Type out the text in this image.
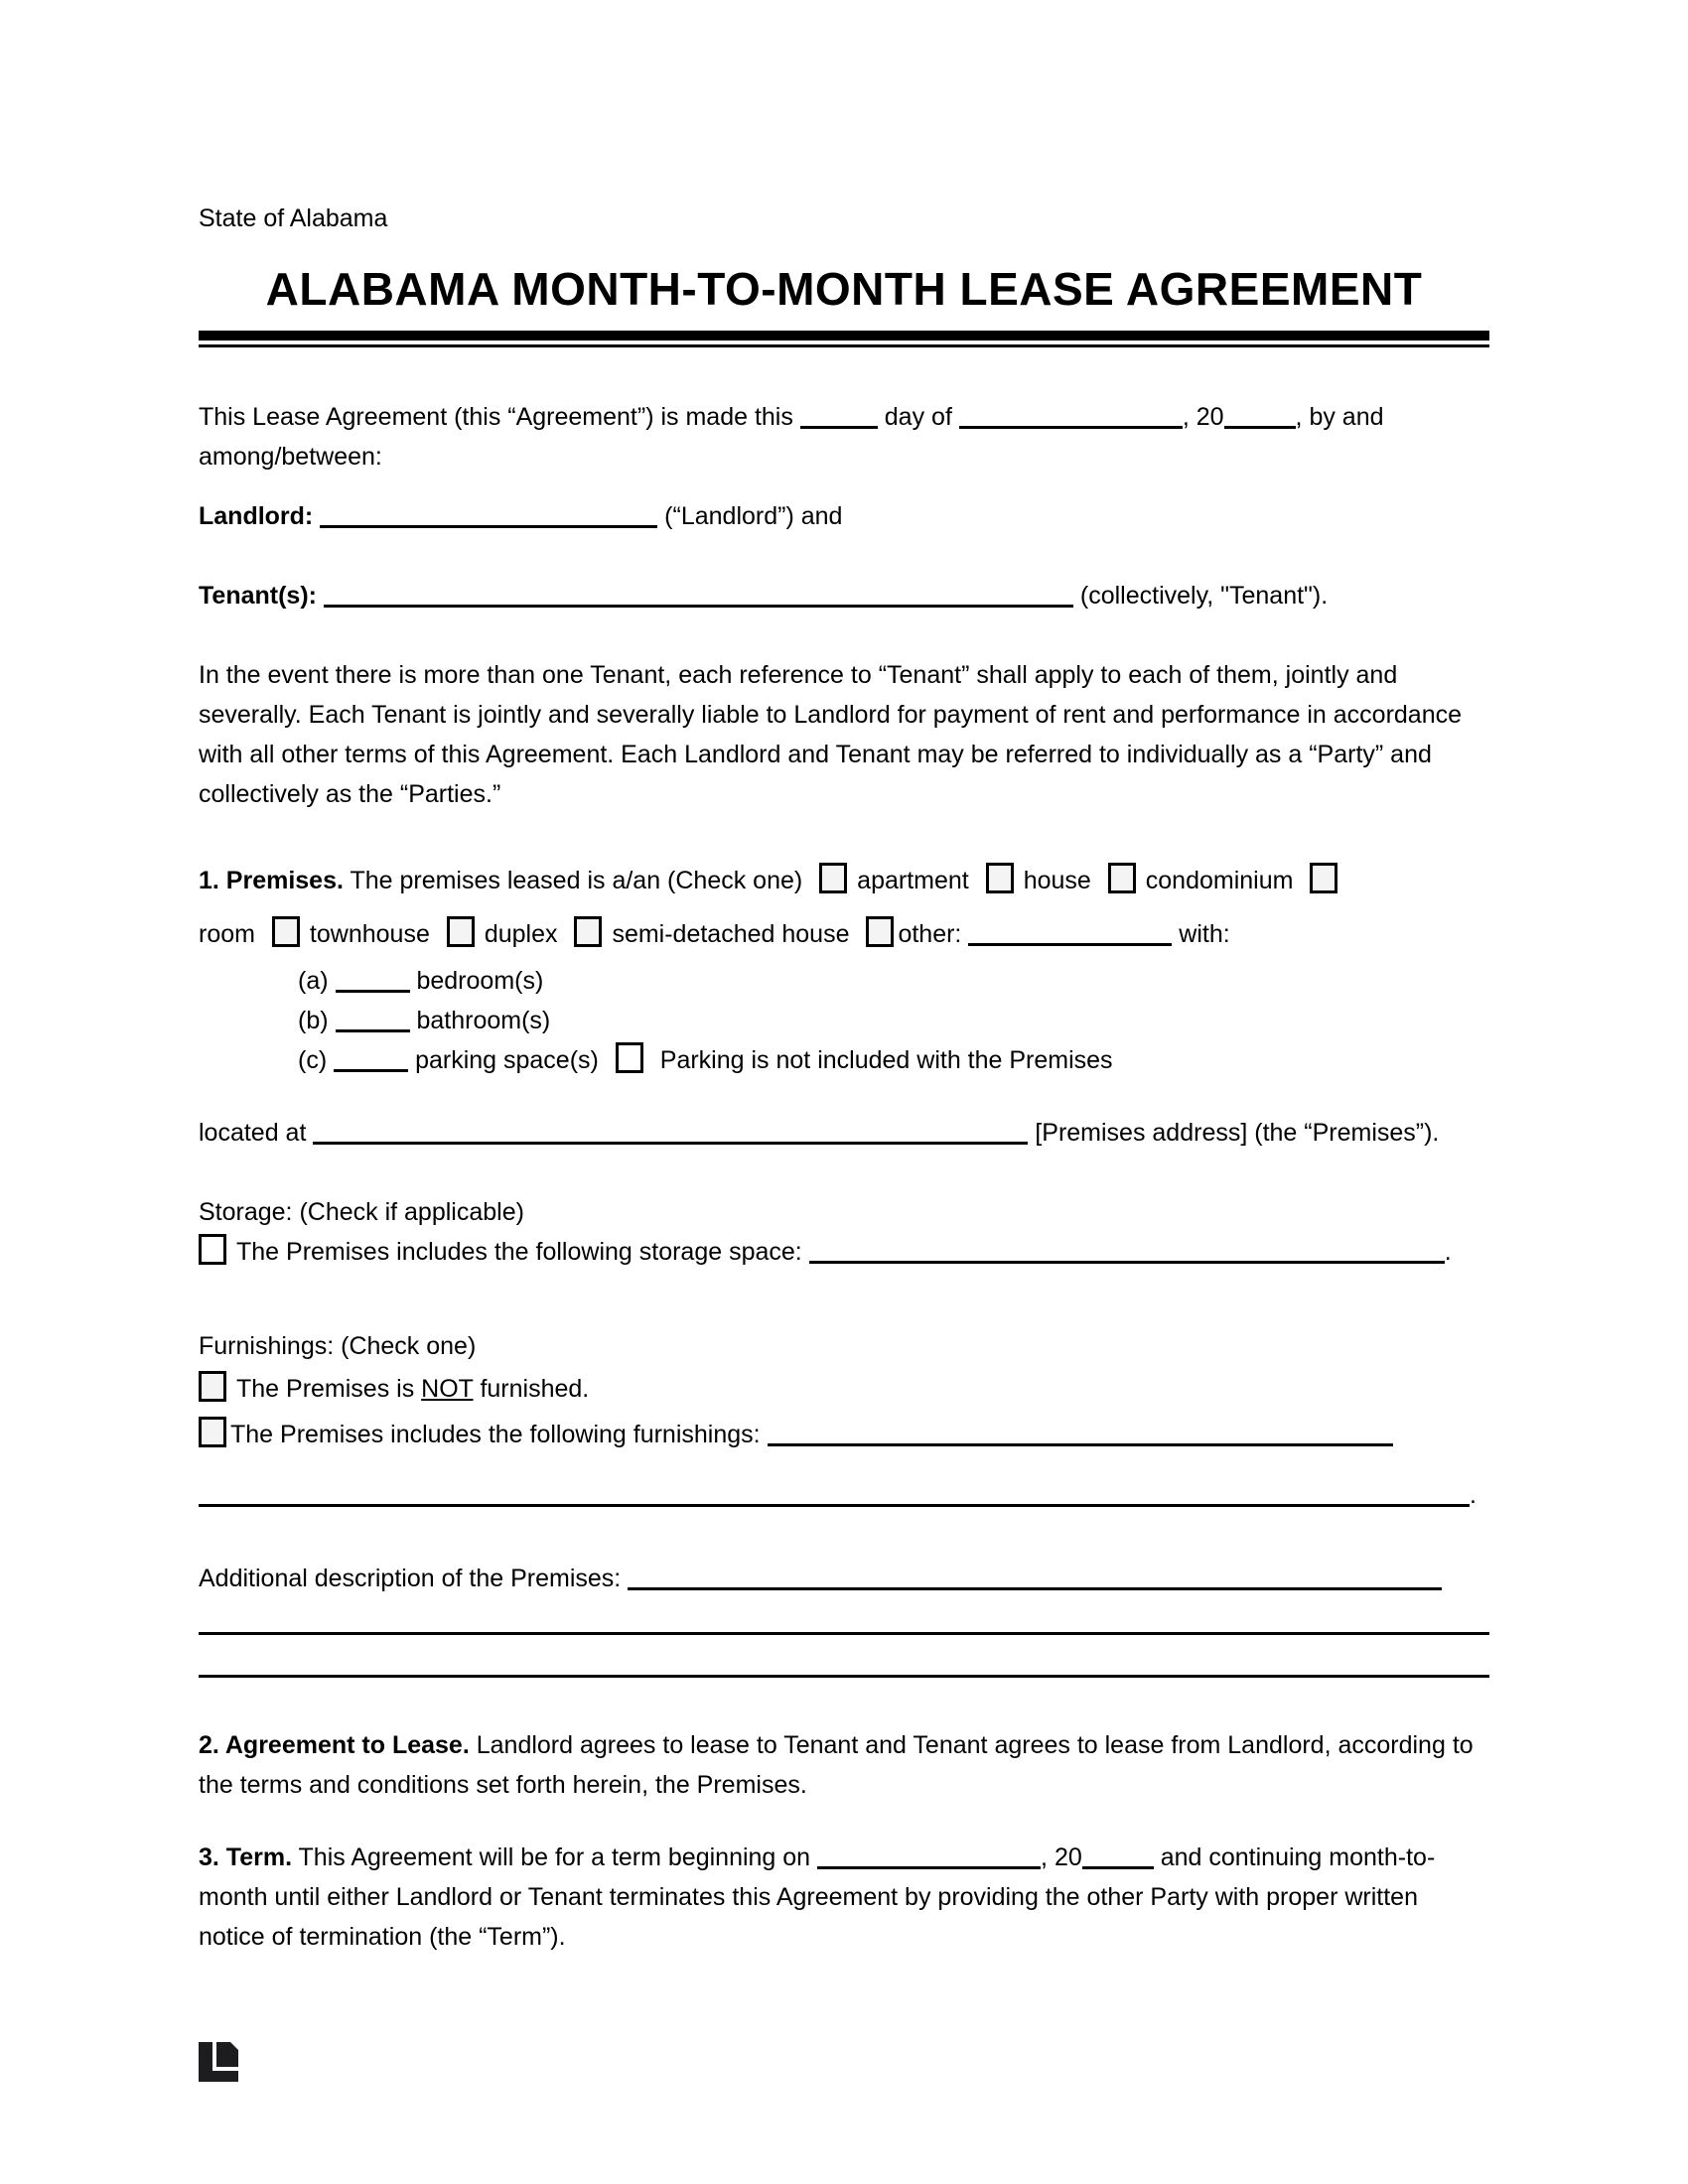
State of Alabama

ALABAMA MONTH-TO-MONTH LEASE AGREEMENT

This Lease Agreement (this “Agreement”) is made this	day of	, 20	, by and among/between:

Landlord:	(“Landlord”) and

Tenant(s):	(collectively, "Tenant").

In the event there is more than one Tenant, each reference to “Tenant” shall apply to each of them, jointly and severally. Each Tenant is jointly and severally liable to Landlord for payment of rent and performance in accordance with all other terms of this Agreement. Each Landlord and Tenant may be referred to individually as a “Party” and collectively as the “Parties.”

1. Premises. The premises leased is a/an (Check one) apartment house condominium
room townhouse duplex semi-detached house other:	with:
(a)	bedroom(s)
(b)	bathroom(s)
(c)	parking space(s) Parking is not included with the Premises
located at	[Premises address] (the “Premises”).
Storage: (Check if applicable)
The Premises includes the following storage space:	.
Furnishings: (Check one)
The Premises is NOT furnished.
The Premises includes the following furnishings:
.
Additional description of the Premises:

2. Agreement to Lease. Landlord agrees to lease to Tenant and Tenant agrees to lease from Landlord, according to the terms and conditions set forth herein, the Premises.

3. Term. This Agreement will be for a term beginning on	, 20	and continuing month-to-month until either Landlord or Tenant terminates this Agreement by providing the other Party with proper written notice of termination (the “Term”).
